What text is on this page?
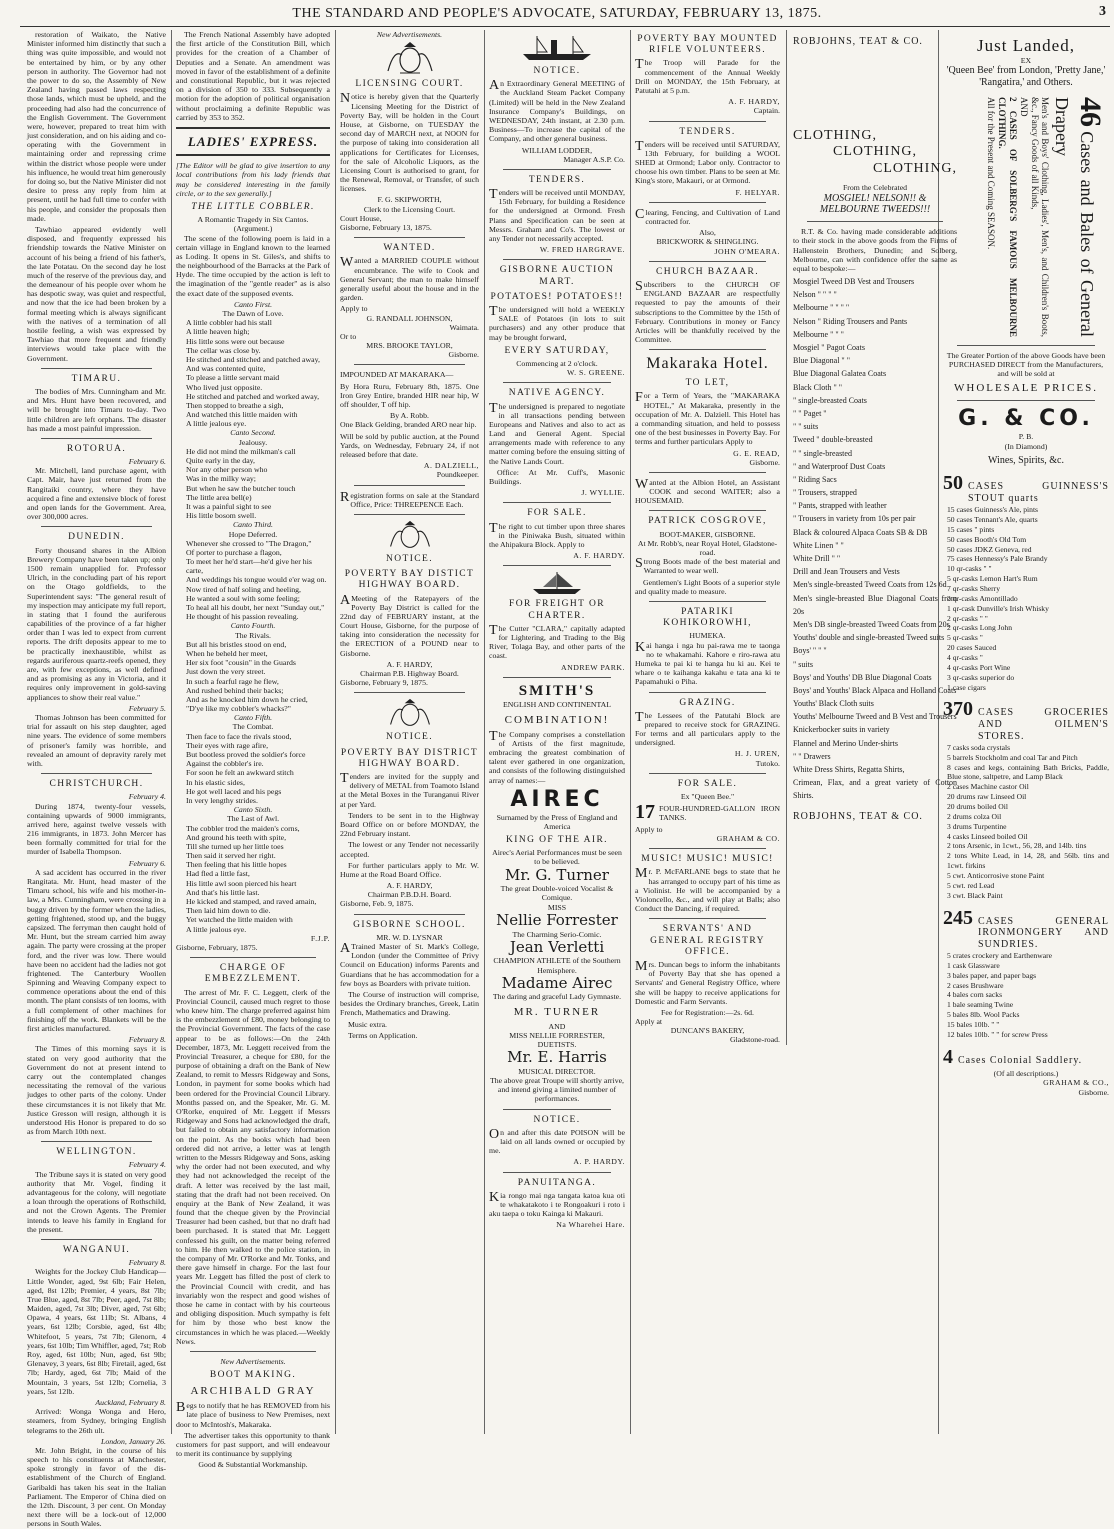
THE STANDARD AND PEOPLE'S ADVOCATE, SATURDAY, FEBRUARY 13, 1875.	3

restoration of Waikato, the Native Minister informed him distinctly that such a thing was quite impossible, and would not be entertained by him, or by any other person in authority. The Governor had not the power to do so, the Assembly of New Zealand having passed laws respecting those lands, which must be upheld, and the proceeding had also had the concurrence of the English Government. The Government were, however, prepared to treat him with just consideration, and on his aiding and co-operating with the Government in maintaining order and repressing crime within the district whose people were under his influence, he would treat him generously for doing so, but the Native Minister did not desire to press any reply from him at present, until he had full time to confer with his people, and consider the proposals then made.

Tawhiao appeared evidently well disposed, and frequently expressed his friendship towards the Native Minister on account of his being a friend of his father's, the late Potatau. On the second day he lost much of the reserve of the previous day, and the demeanour of his people over whom he has despotic sway, was quiet and respectful, and now that the ice had been broken by a formal meeting which is always significant with the natives of a termination of all hostile feeling, a wish was expressed by Tawhiao that more frequent and friendly interviews would take place with the Government.

TIMARU.

The bodies of Mrs. Cunningham and Mr. and Mrs. Hunt have been recovered, and will be brought into Timaru to-day. Two little children are left orphans. The disaster has made a most painful impression.

ROTORUA.
February 6.

Mr. Mitchell, land purchase agent, with Capt. Mair, have just returned from the Rangitaiki country, where they have acquired a fine and extensive block of forest and open lands for the Government. Area, over 300,000 acres.

DUNEDIN.

Forty thousand shares in the Albion Brewery Company have been taken up; only 1500 remain unapplied for. Professor Ulrich, in the concluding part of his report on the Otago goldfields, to the Superintendent says: "The general result of my inspection may anticipate my full report, in stating that I found the auriferous capabilities of the province of a far higher order than I was led to expect from current reports. The drift deposits appear to me to be practically inexhaustible, whilst as regards auriferous quartz-reefs opened, they are, with few exceptions, as well defined and as promising as any in Victoria, and it requires only improvement in gold-saving appliances to show their real value."

February 5.

Thomas Johnson has been committed for trial for assault on his step daughter, aged nine years. The evidence of some members of prisoner's family was horrible, and revealed an amount of depravity rarely met with.

CHRISTCHURCH.
February 4.

During 1874, twenty-four vessels, containing upwards of 9000 immigrants, arrived here, against twelve vessels with 216 immigrants, in 1873. John Mercer has been formally committed for trial for the murder of Isabella Thompson.

February 6.

A sad accident has occurred in the river Rangitata. Mr. Hunt, head master of the Timaru school, his wife and his mother-in-law, a Mrs. Cunningham, were crossing in a buggy driven by the former when the ladies, getting frightened, stood up, and the buggy capsized. The ferryman then caught hold of Mr. Hunt, but the stream carried him away again. The party were crossing at the proper ford, and the river was low. There would have been no accident had the ladies not got frightened. The Canterbury Woollen Spinning and Weaving Company expect to commence operations about the end of this month. The plant consists of ten looms, with a full complement of other machines for finishing off the work. Blankets will be the first articles manufactured.

February 8.

The Times of this morning says it is stated on very good authority that the Government do not at present intend to carry out the contemplated changes necessitating the removal of the various judges to other parts of the colony. Under these circumstances it is not likely that Mr. Justice Gresson will resign, although it is understood His Honor is prepared to do so as from March 10th next.

WELLINGTON.
February 4.

The Tribune says it is stated on very good authority that Mr. Vogel, finding it advantageous for the colony, will negotiate a loan through the operations of Rothschild, and not the Crown Agents. The Premier intends to leave his family in England for the present.

WANGANUI.
February 8.

Weights for the Jockey Club Handicap—Little Wonder, aged, 9st 6lb; Fair Helen, aged, 8st 12lb; Premier, 4 years, 8st 7lb; True Blue, aged, 8st 7lb; Peer, aged, 7st 8lb; Maiden, aged, 7st 3lb; Diver, aged, 7st 6lb; Opawa, 4 years, 6st 11lb; St. Albans, 4 years, 6st 12lb; Corsbie, aged, 6st 4lb; Whitefoot, 5 years, 7st 7lb; Glenorn, 4 years, 6st 10lb; Tim Whiffler, aged, 7st; Rob Roy, aged, 6st 10lb; Nun, aged, 6st 9lb; Glenavey, 3 years, 6st 8lb; Firetail, aged, 6st 7lb; Hardy, aged, 6st 7lb; Maid of the Mountain, 3 years, 5st 12lb; Cornelia, 3 years, 5st 12lb.

Auckland, February 8.

Arrived: Wonga Wonga and Hero, steamers, from Sydney, bringing English telegrams to the 26th ult.

London, January 26.

Mr. John Bright, in the course of his speech to his constituents at Manchester, spoke strongly in favor of the dis-establishment of the Church of England. Garibaldi has taken his seat in the Italian Parliament. The Emperor of China died on the 12th. Discount, 3 per cent. On Monday next there will be a lock-out of 12,000 persons in South Wales.

The French National Assembly have adopted the first article of the Constitution Bill, which provides for the creation of a Chamber of Deputies and a Senate. An amendment was moved in favor of the establishment of a definite and constitutional Republic, but it was rejected on a division of 350 to 333. Subsequently a motion for the adoption of political organisation without proclaiming a definite Republic was carried by 353 to 352.

LADIES' EXPRESS.

[The Editor will be glad to give insertion to any local contributions from his lady friends that may be considered interesting in the family circle, or to the sex generally.]

THE LITTLE COBBLER.
A Romantic Tragedy in Six Cantos.
(Argument.)

The scene of the following poem is laid in a certain village in England known to the learned as Loding. It opens in St. Giles's, and shifts to the neighbourhood of the Barracks at the Park of Hyde. The time occupied by the action is left to the imagination of the "gentle reader" as is also the exact date of the supposed events.

Canto First.
The Dawn of Love.

A little cobbler had his stall
A little heaven high;
His little sons were out because
The cellar was close by.
He stitched and stitched and patched away,
And was contented quite,
To please a little servant maid
Who lived just opposite.
He stitched and patched and worked away,
Then stopped to breathe a sigh,
And watched this little maiden with
A little jealous eye.

Canto Second.
Jealousy.

He did not mind the milkman's call
Quite early in the day,
Nor any other person who
Was in the milky way;
But when he saw the butcher touch
The little area bell(e)
It was a painful sight to see
His little bosom swell.

Canto Third.
Hope Deferred.

Whenever she crossed to "The Dragon,"
Of porter to purchase a flagon,
To meet her he'd start—he'd give her his carte,
And weddings his tongue would e'er wag on.
Now tired of half soling and heeling,
He wanted a soul with some feeling;
To heal all his doubt, her next "Sunday out,"
He thought of his passion revealing.

Canto Fourth.
The Rivals.

But all his bristles stood on end,
When he beheld her meet,
Her six foot "cousin" in the Guards
Just down the very street.
In such a fearful rage he flew,
And rushed behind their backs;
And as he knocked him down he cried,
"D'ye like my cobbler's whacks?"

Canto Fifth.
The Combat.

Then face to face the rivals stood,
Their eyes with rage afire,
But bootless proved the soldier's force
Against the cobbler's ire.
For soon he felt an awkward stitch
In his elastic sides,
He got well laced and his pegs
In very lengthy strides.

Canto Sixth.
The Last of Awl.

The cobbler trod the maiden's corns,
And ground his teeth with spite,
Till she turned up her little toes
Then said it served her right.
Then feeling that his little hopes
Had fled a little fast,
His little awl soon pierced his heart
And that's his little last.
He kicked and stamped, and raved amain,
Then laid him down to die.
Yet watched the little maiden with
A little jealous eye.

F.J.P.
Gisborne, February, 1875.
CHARGE OF EMBEZZLEMENT.

The arrest of Mr. F. C. Leggett, clerk of the Provincial Council, caused much regret to those who knew him. The charge preferred against him is the embezzlement of £80, money belonging to the Provincial Government. The facts of the case appear to be as follows:—On the 24th December, 1873, Mr. Leggett received from the Provincial Treasurer, a cheque for £80, for the purpose of obtaining a draft on the Bank of New Zealand, to remit to Messrs Ridgeway and Sons, London, in payment for some books which had been ordered for the Provincial Council Library. Months passed on, and the Speaker, Mr. G. M. O'Rorke, enquired of Mr. Leggett if Messrs Ridgeway and Sons had acknowledged the draft, but failed to obtain any satisfactory information on the point. As the books which had been ordered did not arrive, a letter was at length written to the Messrs Ridgeway and Sons, asking why the order had not been executed, and why they had not acknowledged the receipt of the draft. A letter was received by the last mail, stating that the draft had not been received. On enquiry at the Bank of New Zealand, it was found that the cheque given by the Provincial Treasurer had been cashed, but that no draft had been purchased. It is stated that Mr. Leggett confessed his guilt, on the matter being referred to him. He then walked to the police station, in the company of Mr. O'Rorke and Mr. Tonks, and there gave himself in charge. For the last four years Mr. Leggett has filled the post of clerk to the Provincial Council with credit, and has invariably won the respect and good wishes of those he came in contact with by his courteous and obliging disposition. Much sympathy is felt for him by those who best know the circumstances in which he was placed.—Weekly News.

New Advertisements.
BOOT MAKING.
ARCHIBALD GRAY

Begs to notify that he has REMOVED from his late place of business to New Premises, next door to McIntosh's, Makaraka.

The advertiser takes this opportunity to thank customers for past support, and will endeavour to merit its continuance by supplying

Good & Substantial Workmanship.
New Advertisements.
LICENSING COURT.

Notice is hereby given that the Quarterly Licensing Meeting for the District of Poverty Bay, will be holden in the Court House, at Gisborne, on TUESDAY the second day of MARCH next, at NOON for the purpose of taking into consideration all applications for Certificates for Licenses, for the sale of Alcoholic Liquors, as the Licensing Court is authorised to grant, for the Renewal, Removal, or Transfer, of such licenses.

F. G. SKIPWORTH,
Clerk to the Licensing Court.
Court House,
Gisborne, February 13, 1875.
WANTED.

Wanted a MARRIED COUPLE without encumbrance. The wife to Cook and General Servant; the man to make himself generally useful about the house and in the garden.

Apply to
G. RANDALL JOHNSON,
Waimata.
Or to
MRS. BROOKE TAYLOR,
Gisborne.
IMPOUNDED AT MAKARAKA—

By Hora Ruru, February 8th, 1875. One Iron Grey Entire, branded HIR near hip, W off shoulder, T off hip.

By A. Robb.

One Black Gelding, branded ARO near hip.

Will be sold by public auction, at the Pound Yards, on Wednesday, February 24, if not released before that date.

A. DALZIELL,
Poundkeeper.

Registration forms on sale at the Standard Office, Price: THREEPENCE Each.

NOTICE.
POVERTY BAY DISTICT HIGHWAY BOARD.

AMeeting of the Ratepayers of the Poverty Bay District is called for the 22nd day of FEBRUARY instant, at the Court House, Gisborne, for the purpose of taking into consideration the necessity for the ERECTION of a POUND near to Gisborne.

A. F. HARDY,
Chairman P.B. Highway Board.
Gisborne, February 9, 1875.
NOTICE.
POVERTY BAY DISTRICT HIGHWAY BOARD.

Tenders are invited for the supply and delivery of METAL from Toamoto Island at the Metal Boxes in the Turanganui River at per Yard.

Tenders to be sent in to the Highway Board Office on or before MONDAY, the 22nd February instant.

The lowest or any Tender not necessarily accepted.

For further particulars apply to Mr. W. Hume at the Road Board Office.

A. F. HARDY,
Chairman P.B.D.H. Board.
Gisborne, Feb. 9, 1875.
GISBORNE SCHOOL.
MR. W. D. LYSNAR

ATrained Master of St. Mark's College, London (under the Committee of Privy Council on Education) informs Parents and Guardians that he has accommodation for a few boys as Boarders with private tuition.

The Course of instruction will comprise, besides the Ordinary branches, Greek, Latin French, Mathematics and Drawing.

Music extra.

Terms on Application.

NOTICE.

An Extraordinary General MEETING of the Auckland Steam Packet Company (Limited) will be held in the New Zealand Insurance Company's Buildings, on WEDNESDAY, 24th instant, at 2.30 p.m. Business—To increase the capital of the Company, and other general business.

WILLIAM LODDER,
Manager A.S.P. Co.
TENDERS.

Tenders will be received until MONDAY, 15th February, for building a Residence for the undersigned at Ormond. Fresh Plans and Specification can be seen at Messrs. Graham and Co's. The lowest or any Tender not necessarily accepted.

W. FRED HARGRAVE.
GISBORNE AUCTION MART.
POTATOES! POTATOES!!

The undersigned will hold a WEEKLY SALE of Potatoes (in lots to suit purchasers) and any other produce that may be brought forward,

EVERY SATURDAY,
Commencing at 2 o'clock.
W. S. GREENE.
NATIVE AGENCY.

The undersigned is prepared to negotiate in all transactions pending between Europeans and Natives and also to act as Land and General Agent. Special arrangements made with reference to any matter coming before the ensuing sitting of the Native Lands Court.

Office: At Mr. Cuff's, Masonic Buildings.

J. WYLLIE.
FOR SALE.

The right to cut timber upon three shares in the Piniwaka Bush, situated within the Ahipakura Block. Apply to

A. F. HARDY.
FOR FREIGHT OR CHARTER.

The Cutter "CLARA," capitally adapted for Lightering, and Trading to the Big River, Tolaga Bay, and other parts of the coast.

ANDREW PARK.
SMITH'S
ENGLISH AND CONTINENTAL
COMBINATION!

The Company comprises a constellation of Artists of the first magnitude, embracing the greatest combination of talent ever gathered in one organization, and consists of the following distinguished array of names:—

AIREC
Surnamed by the Press of England and America
KING OF THE AIR.
Airec's Aerial Performances must be seen to be believed.
Mr. G. Turner
The great Double-voiced Vocalist & Comique.
MISS
Nellie Forrester
The Charming Serio-Comic.
Jean Verletti
CHAMPION ATHLETE of the Southern Hemisphere.
Madame Airec
The daring and graceful Lady Gymnaste.
MR. TURNER
AND
MISS NELLIE FORRESTER,
DUETISTS.
Mr. E. Harris
MUSICAL DIRECTOR.

The above great Troupe will shortly arrive, and intend giving a limited number of performances.

NOTICE.

On and after this date POISON will be laid on all lands owned or occupied by me.

A. P. HARDY.
PANUITANGA.

Kia rongo mai nga tangata katoa kua oti te whakatakoto i te Rongoakuri i roto i aku taepa o toku Kainga ki Makauri.

Na Wharehei Hare.
POVERTY BAY MOUNTED RIFLE VOLUNTEERS.

The Troop will Parade for the commencement of the Annual Weekly Drill on MONDAY, the 15th February, at Patutahi at 5 p.m.

A. F. HARDY,
Captain.
TENDERS.

Tenders will be received until SATURDAY, 13th February, for building a WOOL SHED at Ormond; Labor only. Contractor to choose his own timber. Plans to be seen at Mr. King's store, Makauri, or at Ormond.

F. HELYAR.

Clearing, Fencing, and Cultivation of Land contracted for.

Also,
BRICKWORK & SHINGLING.
JOHN O'MEARA.
CHURCH BAZAAR.

Subscribers to the CHURCH OF ENGLAND BAZAAR are respectfully requested to pay the amounts of their subscriptions to the Committee by the 15th of February. Contributions in money or Fancy Articles will be thankfully received by the Committee.

Makaraka Hotel.
TO LET,

For a Term of Years, the "MAKARAKA HOTEL," At Makaraka, presently in the occupation of Mr. A. Dalziell. This Hotel has a commanding situation, and held to possess one of the best businesses in Poverty Bay. For terms and further particulars Apply to

G. E. READ,
Gisborne.

Wanted at the Albion Hotel, an Assistant COOK and second WAITER; also a HOUSEMAID.

PATRICK COSGROVE,
BOOT-MAKER, GISBORNE.
At Mr. Robb's, near Royal Hotel, Gladstone-road.

Strong Boots made of the best material and Warranted to wear well.

Gentlemen's Light Boots of a superior style and quality made to measure.

PATARIKI KOHIKOROWHI,
HUMEKA.

Kai hanga i nga hu pai-rawa me te taonga no te whakamahi. Kahore e riro-rawa atu Humeka te pai ki te hanga hu ki au. Kei te whare o te kaihanga kakahu e tata ana ki te Papamahuki o Piha.

GRAZING.

The Lessees of the Patutahi Block are prepared to receive stock for GRAZING. For terms and all particulars apply to the undersigned.

H. J. UREN,
Tutoko.
FOR SALE.
Ex "Queen Bee."
17 FOUR-HUNDRED-GALLON IRON TANKS.
Apply to
GRAHAM & CO.
MUSIC! MUSIC! MUSIC!

Mr. P. McFARLANE begs to state that he has arranged to occupy part of his time as a Violinist. He will be accompanied by a Violoncello, &c., and will play at Balls; also Conduct the Dancing, if required.

SERVANTS' AND GENERAL REGISTRY OFFICE.

Mrs. Duncan begs to inform the inhabitants of Poverty Bay that she has opened a Servants' and General Registry Office, where she will be happy to receive applications for Domestic and Farm Servants.

Fee for Registration:—2s. 6d.
Apply at
DUNCAN'S BAKERY,
Gladstone-road.
ROBJOHNS, TEAT & CO.
CLOTHING,
CLOTHING,
CLOTHING,
From the Celebrated
MOSGIEL! NELSON!! & MELBOURNE TWEEDS!!!

R.T. & Co. having made considerable additions to their stock in the above goods from the Firms of Hallenstein Brothers, Dunedin; and Solberg, Melbourne, can with confidence offer the same as equal to bespoke:—

Mosgiel Tweed DB Vest and Trousers
Nelson " " " "
Melbourne " " " "
Nelson " Riding Trousers and Pants
Melbourne " " "
Mosgiel " Pagot Coats
Blue Diagonal " "
Blue Diagonal Galatea Coats
Black Cloth " "
" single-breasted Coats
" " Paget "
" " suits
Tweed " double-breasted
" " single-breasted
" and Waterproof Dust Coats
" Riding Sacs
" Trousers, strapped
" Pants, strapped with leather
" Trousers in variety from 10s per pair
Black & coloured Alpaca Coats SB & DB
White Linen " "
White Drill " "
Drill and Jean Trousers and Vests
Men's single-breasted Tweed Coats from 12s 6d
Men's single-breasted Blue Diagonal Coats from 20s
Men's DB single-breasted Tweed Coats from 20s
Youths' double and single-breasted Tweed suits
Boys' " " "
" suits
Boys' and Youths' DB Blue Diagonal Coats
Boys' and Youths' Black Alpaca and Holland Coats
Youths' Black Cloth suits
Youths' Melbourne Tweed and B Vest and Trousers
Knickerbocker suits in variety
Flannel and Merino Under-shirts
" " Drawers
White Dress Shirts, Regatta Shirts,
Crimean, Flax, and a great variety of Cotton Shirts.
ROBJOHNS, TEAT & CO.
Just Landed,
EX
'Queen Bee' from London, 'Pretty Jane,' 'Rangatira,' and Others.
46 Cases and Bales of General Drapery
Men's and Boys' Clothing, Ladies', Men's, and Children's Boots, &c., Fancy Goods of all Kinds,
AND
2 CASES OF SOLBERG'S FAMOUS MELBOURNE CLOTHING.
All for the Present and Coming SEASON.

The Greater Portion of the above Goods have been PURCHASED DIRECT from the Manufacturers, and will be sold at

WHOLESALE PRICES.
G. & CO.
P. B.
(In Diamond)
Wines, Spirits, &c.
50 CASES GUINNESS'S STOUT quarts
15 cases Guinness's Ale, pints
50 cases Tennant's Ale, quarts
15 cases " pints
50 cases Booth's Old Tom
50 cases JDKZ Geneva, red
75 cases Hennessy's Pale Brandy
10 qr-casks " "
5 qr-casks Lemon Hart's Rum
7 qr-casks Sherry
2 qr-casks Amontillado
1 qr-cask Dunville's Irish Whisky
2 qr-casks " "
2 qr-casks Long John
5 qr-casks "
20 cases Sauced
4 qr-casks "
4 qr-casks Port Wine
3 qr-casks superior do
1 case cigars
370 CASES GROCERIES AND OILMEN'S STORES.
7 casks soda crystals
5 barrels Stockholm and coal Tar and Pitch
8 cases and kegs, containing Bath Bricks, Paddle, Blue stone, saltpetre, and Lamp Black
2 cases Machine castor Oil
20 drums raw Linseed Oil
20 drums boiled Oil
2 drums colza Oil
3 drums Turpentine
4 casks Linseed boiled Oil
2 tons Arsenic, in 1cwt., 56, 28, and 14lb. tins
2 tons White Lead, in 14, 28, and 56lb. tins and 1cwt. firkins
5 cwt. Anticorrosive stone Paint
5 cwt. red Lead
3 cwt. Black Paint
245 CASES GENERAL IRONMONGERY AND SUNDRIES.
5 crates crockery and Earthenware
1 cask Glassware
3 bales paper, and paper bags
2 cases Brushware
4 bales corn sacks
1 bale seaming Twine
5 bales 8lb. Wool Packs
15 bales 10lb. " "
12 bales 10lb. " " for screw Press
4 Cases Colonial Saddlery.
(Of all descriptions.)
GRAHAM & CO.,
Gisborne.
